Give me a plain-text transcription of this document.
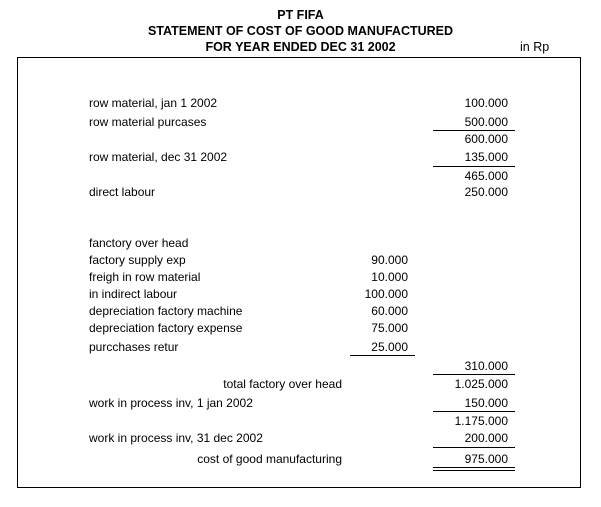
PT FIFA
STATEMENT OF COST OF GOOD MANUFACTURED
FOR YEAR ENDED DEC 31 2002	in Rp
row material, jan 1 2002	100.000
row material purcases	500.000
600.000
row material, dec 31 2002	135.000
465.000
direct labour	250.000
fanctory over head
factory supply exp	90.000
freigh in row material	10.000
in indirect labour	100.000
depreciation factory machine	60.000
depreciation factory expense	75.000
purcchases retur	25.000
310.000
total factory over head	1.025.000
work in process inv, 1 jan 2002	150.000
1.175.000
work in process inv, 31 dec 2002	200.000
cost of good manufacturing	975.000
